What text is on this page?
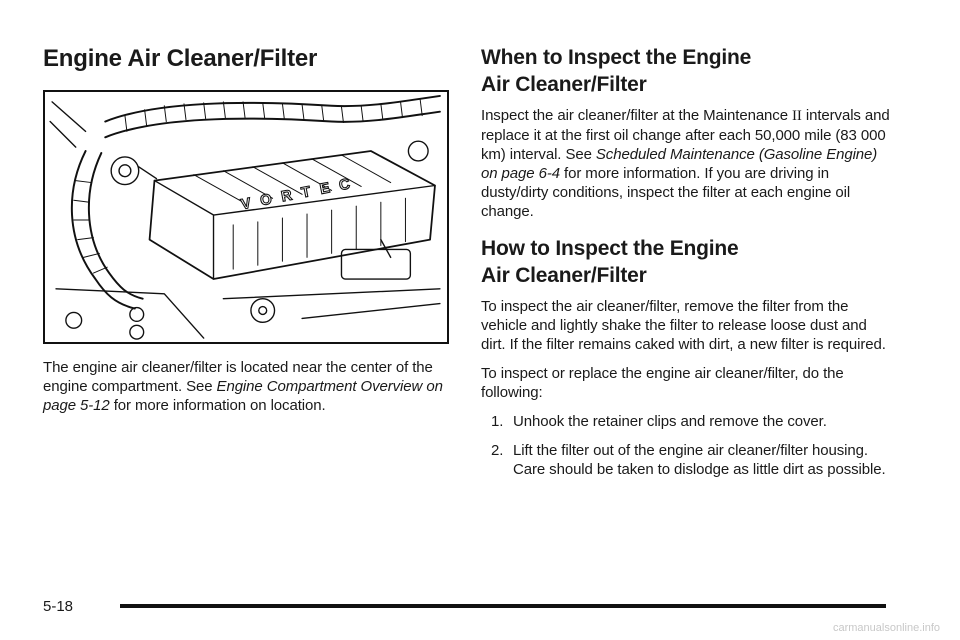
Engine Air Cleaner/Filter
VORTEC

The engine air cleaner/filter is located near the center of the engine compartment. See Engine Compartment Overview on page 5-12 for more information on location.

When to Inspect the Engine
Air Cleaner/Filter

Inspect the air cleaner/filter at the Maintenance II intervals and replace it at the first oil change after each 50,000 mile (83 000 km) interval. See Scheduled Maintenance (Gasoline Engine) on page 6-4 for more information. If you are driving in dusty/dirty conditions, inspect the filter at each engine oil change.

How to Inspect the Engine
Air Cleaner/Filter

To inspect the air cleaner/filter, remove the filter from the vehicle and lightly shake the filter to release loose dust and dirt. If the filter remains caked with dirt, a new filter is required.

To inspect or replace the engine air cleaner/filter, do the following:

1. Unhook the retainer clips and remove the cover.
2. Lift the filter out of the engine air cleaner/filter housing. Care should be taken to dislodge as little dirt as possible.
5-18
carmanualsonline.info
